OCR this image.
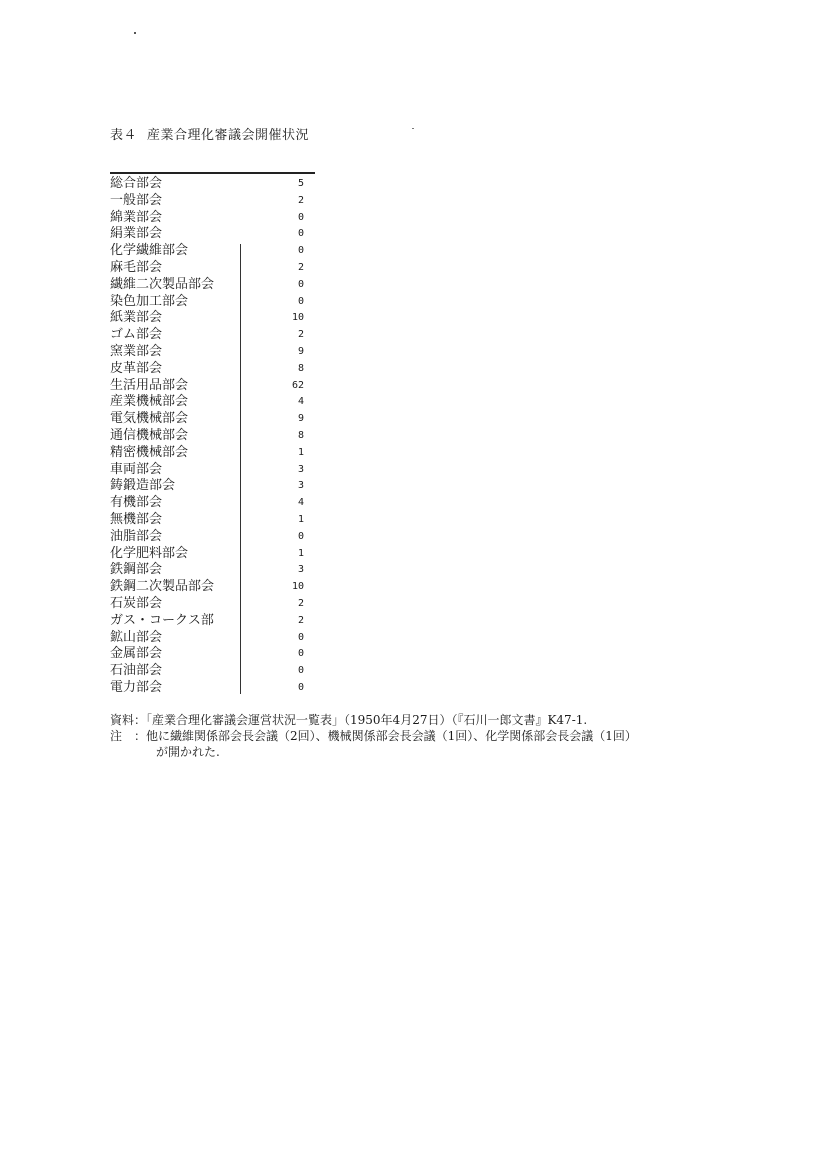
表４ 産業合理化審議会開催状況
総合部会	5
一般部会	2
綿業部会	0
絹業部会	0
化学繊維部会	0
麻毛部会	2
繊維二次製品部会	0
染色加工部会	0
紙業部会	10
ゴム部会	2
窯業部会	9
皮革部会	8
生活用品部会	62
産業機械部会	4
電気機械部会	9
通信機械部会	8
精密機械部会	1
車両部会	3
鋳鍛造部会	3
有機部会	4
無機部会	1
油脂部会	0
化学肥料部会	1
鉄鋼部会	3
鉄鋼二次製品部会	10
石炭部会	2
ガス・コークス部	2
鉱山部会	0
金属部会	0
石油部会	0
電力部会	0
資料：「産業合理化審議会運営状況一覧表」（1950年4月27日）（『石川一郎文書』K47-1.
注　：他に繊維関係部会長会議（2回）、機械関係部会長会議（1回）、化学関係部会長会議（1回）
が開かれた.
